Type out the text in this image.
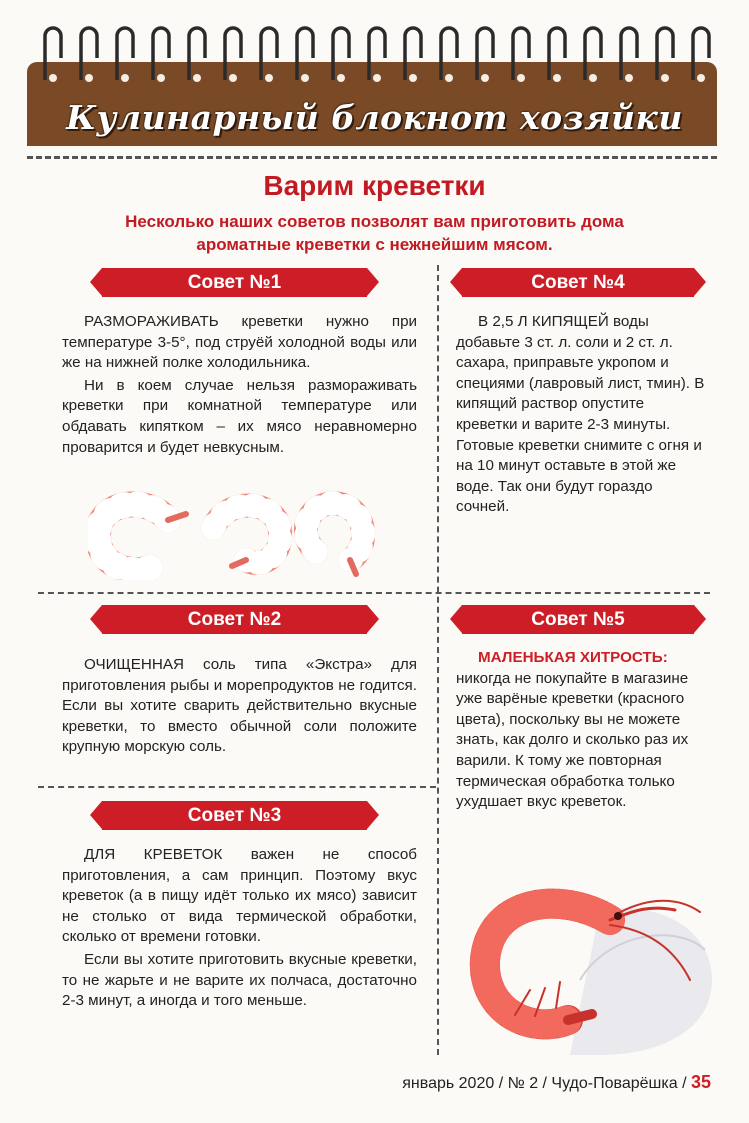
Кулинарный блокнот хозяйки
Варим креветки
Несколько наших советов позволят вам приготовить дома
ароматные креветки с нежнейшим мясом.
Совет №1

РАЗМОРАЖИВАТЬ креветки нужно при температуре 3-5°, под струёй холодной воды или же на нижней полке холодильника.

Ни в коем случае нельзя размораживать креветки при комнатной температуре или обдавать кипятком – их мясо неравномерно проварится и будет невкусным.

Совет №4

В 2,5 Л КИПЯЩЕЙ воды добавьте 3 ст. л. соли и 2 ст. л. сахара, приправьте укропом и специями (лавровый лист, тмин). В кипящий раствор опустите креветки и варите 2-3 минуты. Готовые креветки снимите с огня и на 10 минут оставьте в этой же воде. Так они будут гораздо сочней.

Совет №2

ОЧИЩЕННАЯ соль типа «Экстра» для приготовления рыбы и морепродуктов не годится. Если вы хотите сварить действительно вкусные креветки, то вместо обычной соли положите крупную морскую соль.

Совет №5
МАЛЕНЬКАЯ ХИТРОСТЬ:

никогда не покупайте в магазине уже варёные креветки (красного цвета), поскольку вы не можете знать, как долго и сколько раз их варили. К тому же повторная термическая обработка только ухудшает вкус креветок.

Совет №3

ДЛЯ КРЕВЕТОК важен не способ приготовления, а сам принцип. Поэтому вкус креветок (а в пищу идёт только их мясо) зависит не столько от вида термической обработки, сколько от времени готовки.

Если вы хотите приготовить вкусные креветки, то не жарьте и не варите их полчаса, достаточно 2-3 минут, а иногда и того меньше.

январь 2020 / № 2 / Чудо-Поварёшка / 35
